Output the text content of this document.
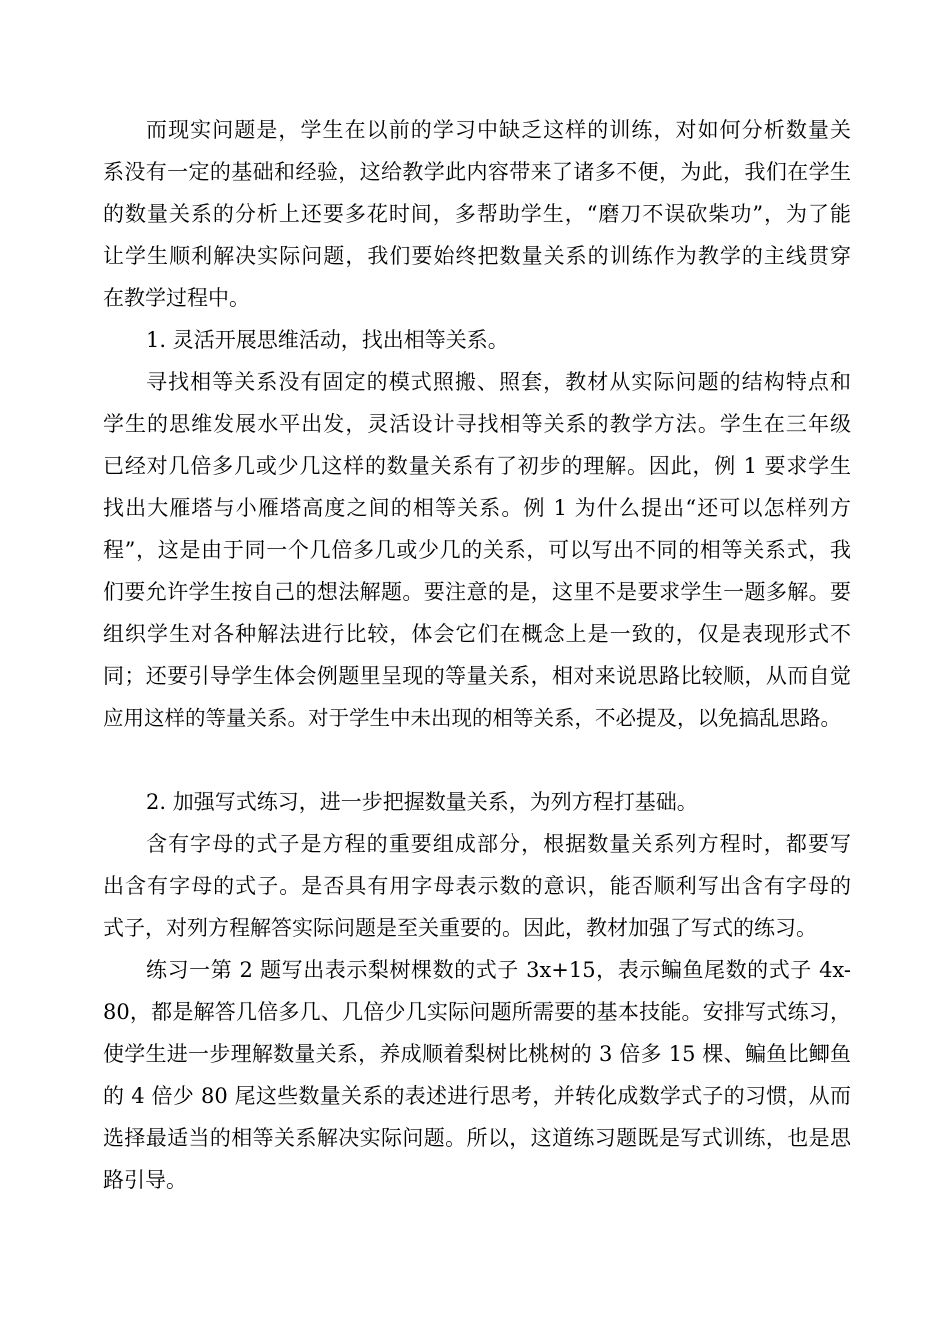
而现实问题是，学生在以前的学习中缺乏这样的训练，对如何分析数量关
系没有一定的基础和经验，这给教学此内容带来了诸多不便，为此，我们在学生
的数量关系的分析上还要多花时间，多帮助学生，“磨刀不误砍柴功”，为了能
让学生顺利解决实际问题，我们要始终把数量关系的训练作为教学的主线贯穿
在教学过程中。
1. 灵活开展思维活动，找出相等关系。
寻找相等关系没有固定的模式照搬、照套，教材从实际问题的结构特点和
学生的思维发展水平出发，灵活设计寻找相等关系的教学方法。学生在三年级
已经对几倍多几或少几这样的数量关系有了初步的理解。因此，例 1 要求学生
找出大雁塔与小雁塔高度之间的相等关系。例 1 为什么提出“还可以怎样列方
程”，这是由于同一个几倍多几或少几的关系，可以写出不同的相等关系式，我
们要允许学生按自己的想法解题。要注意的是，这里不是要求学生一题多解。要
组织学生对各种解法进行比较，体会它们在概念上是一致的，仅是表现形式不
同；还要引导学生体会例题里呈现的等量关系，相对来说思路比较顺，从而自觉
应用这样的等量关系。对于学生中未出现的相等关系，不必提及，以免搞乱思路。
2. 加强写式练习，进一步把握数量关系，为列方程打基础。
含有字母的式子是方程的重要组成部分，根据数量关系列方程时，都要写
出含有字母的式子。是否具有用字母表示数的意识，能否顺利写出含有字母的
式子，对列方程解答实际问题是至关重要的。因此，教材加强了写式的练习。
练习一第 2 题写出表示梨树棵数的式子 3x+15，表示鳊鱼尾数的式子 4x-
80，都是解答几倍多几、几倍少几实际问题所需要的基本技能。安排写式练习，
使学生进一步理解数量关系，养成顺着梨树比桃树的 3 倍多 15 棵、鳊鱼比鲫鱼
的 4 倍少 80 尾这些数量关系的表述进行思考，并转化成数学式子的习惯，从而
选择最适当的相等关系解决实际问题。所以，这道练习题既是写式训练，也是思
路引导。
